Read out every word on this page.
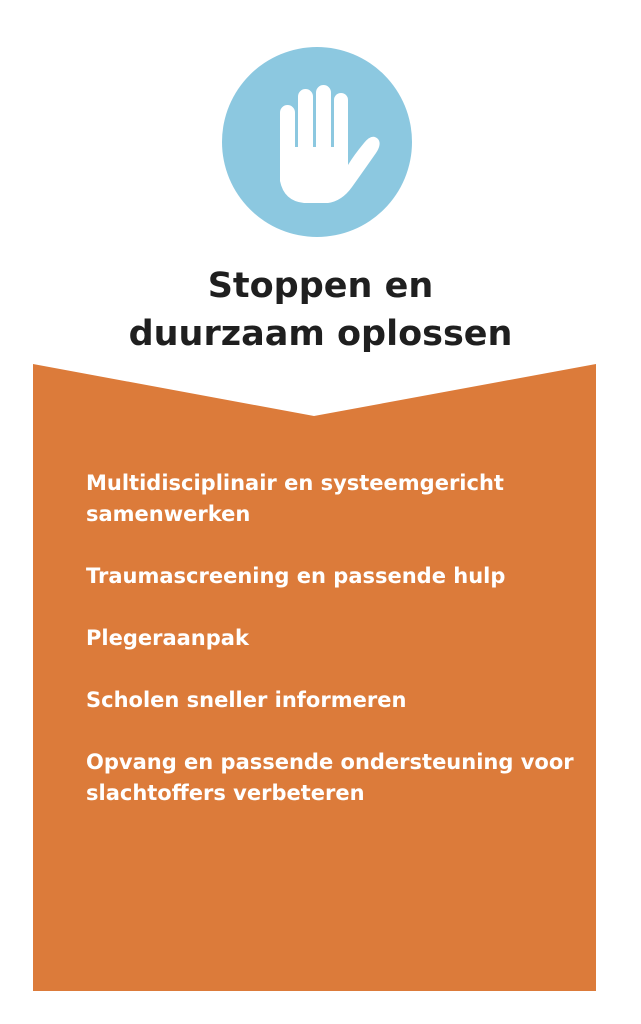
Stoppen en
duurzaam oplossen
Multidisciplinair en systeemgericht samenwerken
Traumascreening en passende hulp
Plegeraanpak
Scholen sneller informeren
Opvang en passende ondersteuning voor slachtoffers verbeteren
